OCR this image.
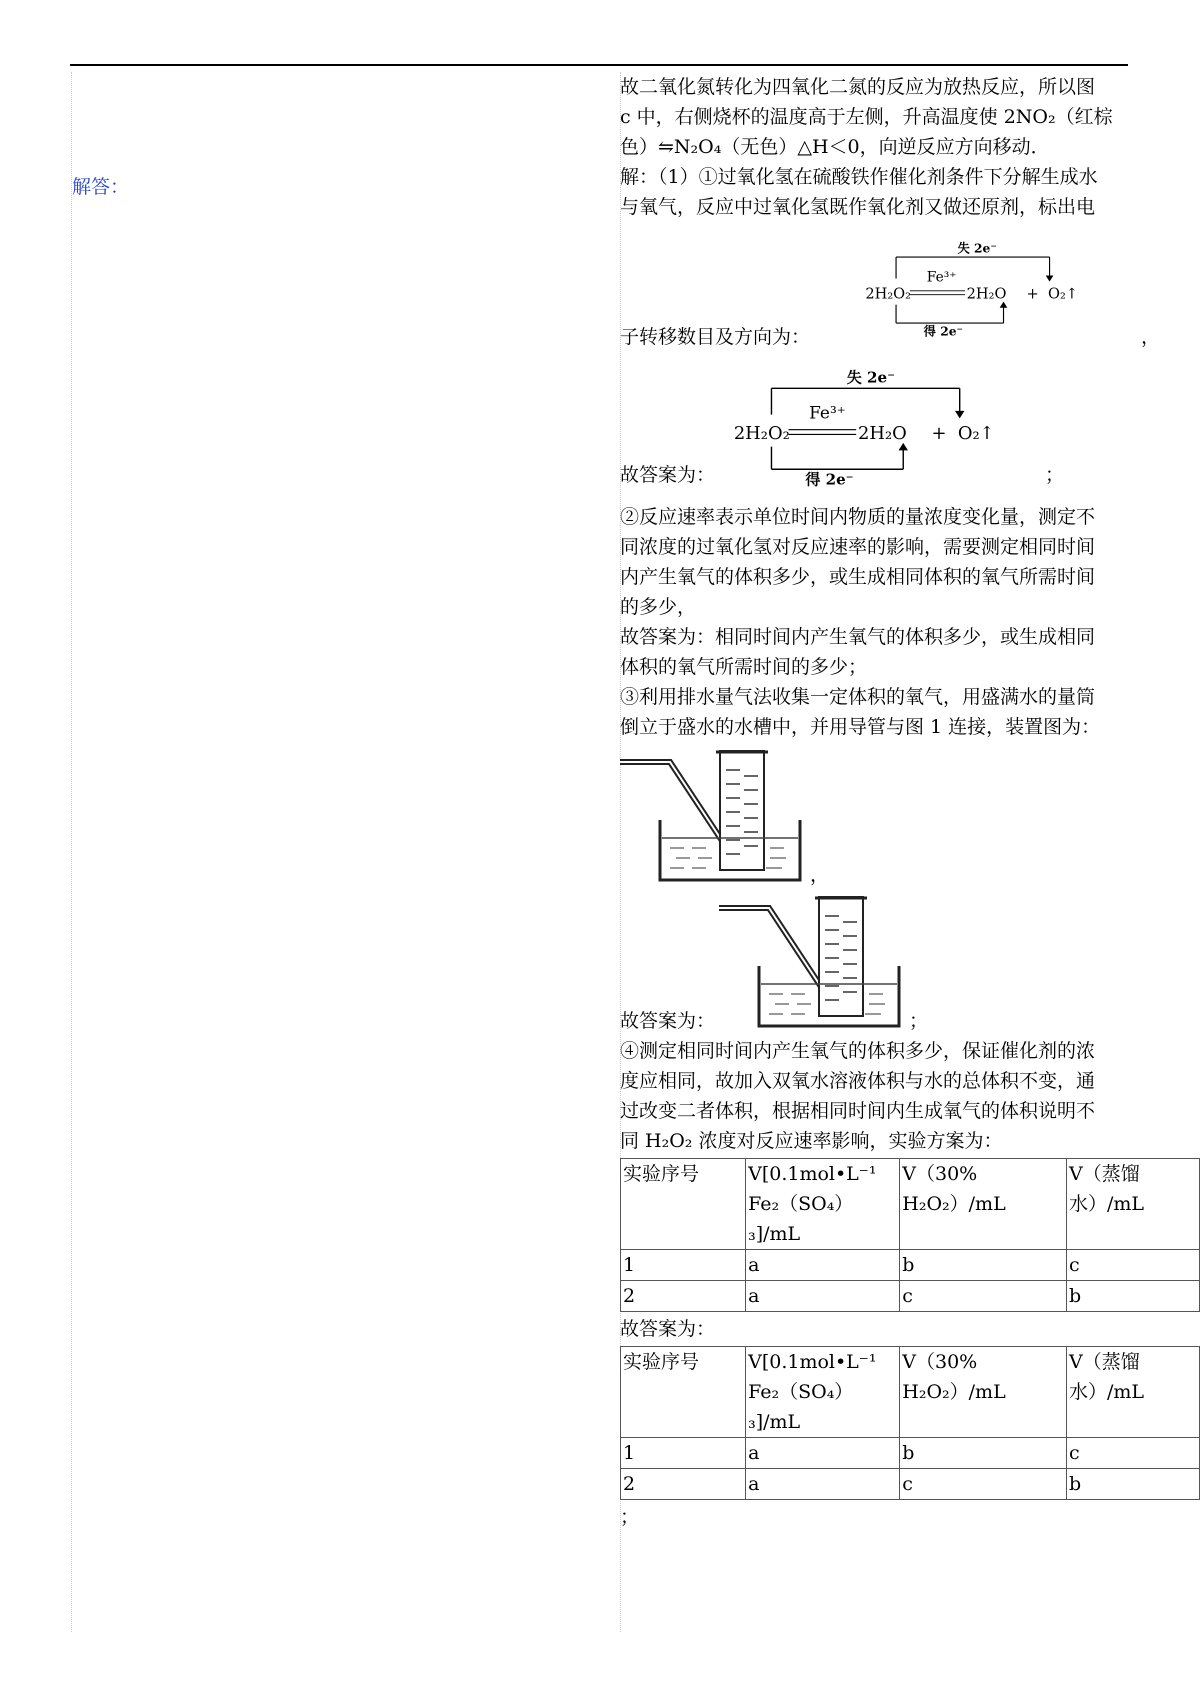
解答：

故二氧化氮转化为四氧化二氮的反应为放热反应，所以图

c 中，右侧烧杯的温度高于左侧，升高温度使 2NO₂（红棕

色）⇋N₂O₄（无色）△H＜0，向逆反应方向移动．

解：（1）①过氧化氢在硫酸铁作催化剂条件下分解生成水

与氧气，反应中过氧化氢既作氧化剂又做还原剂，标出电

子转移数目及方向为：
失 2e⁻
2H₂O₂
Fe³⁺
2H₂O + O₂↑
得 2e⁻	，
故答案为：
失 2e⁻
2H₂O₂
Fe³⁺
2H₂O + O₂↑
得 2e⁻	；

②反应速率表示单位时间内物质的量浓度变化量，测定不

同浓度的过氧化氢对反应速率的影响，需要测定相同时间

内产生氧气的体积多少，或生成相同体积的氧气所需时间

的多少，

故答案为：相同时间内产生氧气的体积多少，或生成相同

体积的氧气所需时间的多少；

③利用排水量气法收集一定体积的氧气，用盛满水的量筒

倒立于盛水的水槽中，并用导管与图 1 连接，装置图为：

，
故答案为：	；

④测定相同时间内产生氧气的体积多少，保证催化剂的浓

度应相同，故加入双氧水溶液体积与水的总体积不变，通

过改变二者体积，根据相同时间内生成氧气的体积说明不

同 H₂O₂ 浓度对反应速率影响，实验方案为：

实验序号	V[0.1mol•L⁻¹ Fe₂（SO₄）₃]/mL	V（30% H₂O₂）/mL	V（蒸馏水）/mL
1	a	b	c
2	a	c	b

故答案为：

实验序号	V[0.1mol•L⁻¹ Fe₂（SO₄）₃]/mL	V（30% H₂O₂）/mL	V（蒸馏水）/mL
1	a	b	c
2	a	c	b

；
